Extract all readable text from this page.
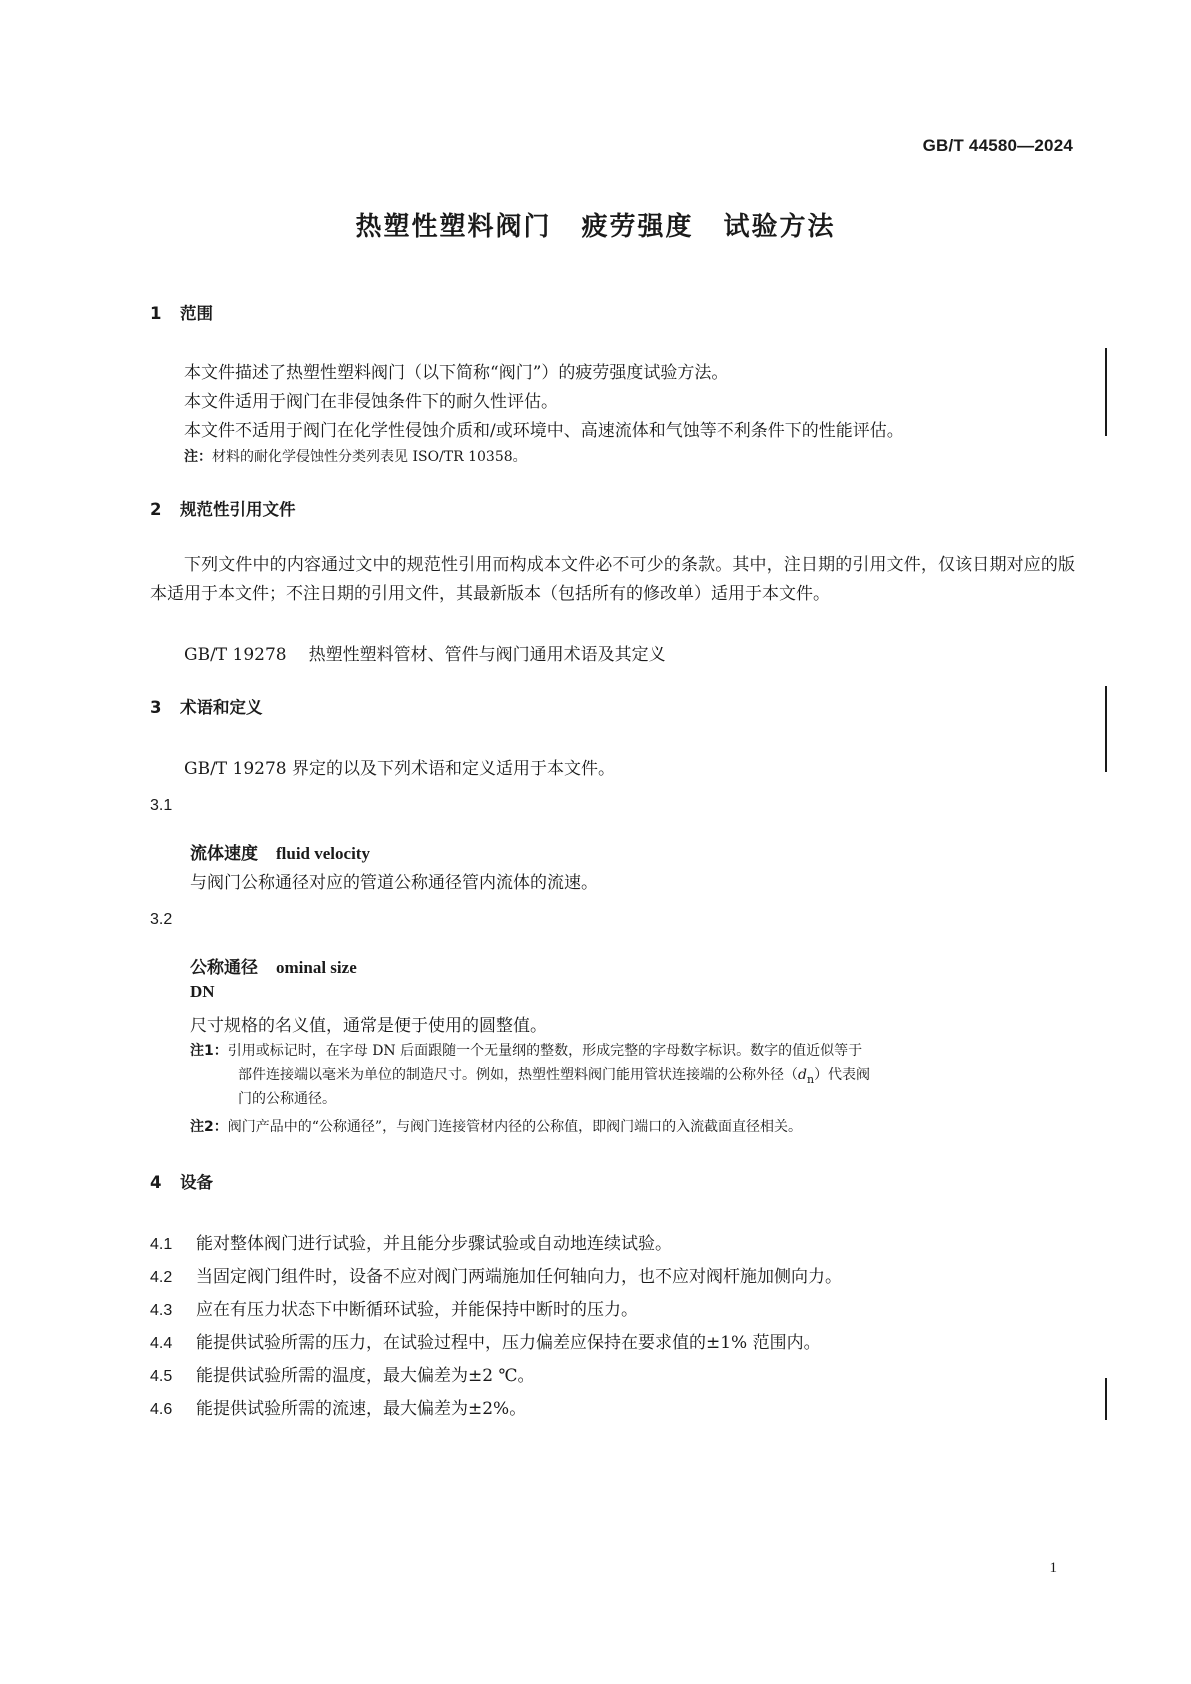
GB/T 44580—2024
热塑性塑料阀门 疲劳强度 试验方法
1 范围
本文件描述了热塑性塑料阀门（以下简称“阀门”）的疲劳强度试验方法。
本文件适用于阀门在非侵蚀条件下的耐久性评估。
本文件不适用于阀门在化学性侵蚀介质和/或环境中、高速流体和气蚀等不利条件下的性能评估。
注：材料的耐化学侵蚀性分类列表见 ISO/TR 10358。
2 规范性引用文件
下列文件中的内容通过文中的规范性引用而构成本文件必不可少的条款。其中，注日期的引用文件，仅该日期对应的版本适用于本文件；不注日期的引用文件，其最新版本（包括所有的修改单）适用于本文件。
GB/T 19278 热塑性塑料管材、管件与阀门通用术语及其定义
3 术语和定义
GB/T 19278 界定的以及下列术语和定义适用于本文件。
3.1
流体速度 fluid velocity
与阀门公称通径对应的管道公称通径管内流体的流速。
3.2
公称通径 ominal size
DN
尺寸规格的名义值，通常是便于使用的圆整值。
注1：引用或标记时，在字母 DN 后面跟随一个无量纲的整数，形成完整的字母数字标识。数字的值近似等于
部件连接端以毫米为单位的制造尺寸。例如，热塑性塑料阀门能用管状连接端的公称外径$(d_n)$代表阀
门的公称通径。
注2：阀门产品中的“公称通径”，与阀门连接管材内径的公称值，即阀门端口的入流截面直径相关。
4 设备
4.1 能对整体阀门进行试验，并且能分步骤试验或自动地连续试验。
4.2 当固定阀门组件时，设备不应对阀门两端施加任何轴向力，也不应对阀杆施加侧向力。
4.3 应在有压力状态下中断循环试验，并能保持中断时的压力。
4.4 能提供试验所需的压力，在试验过程中，压力偏差应保持在要求值的±1% 范围内。
4.5 能提供试验所需的温度，最大偏差为±2 ℃。
4.6 能提供试验所需的流速，最大偏差为±2%。
1
